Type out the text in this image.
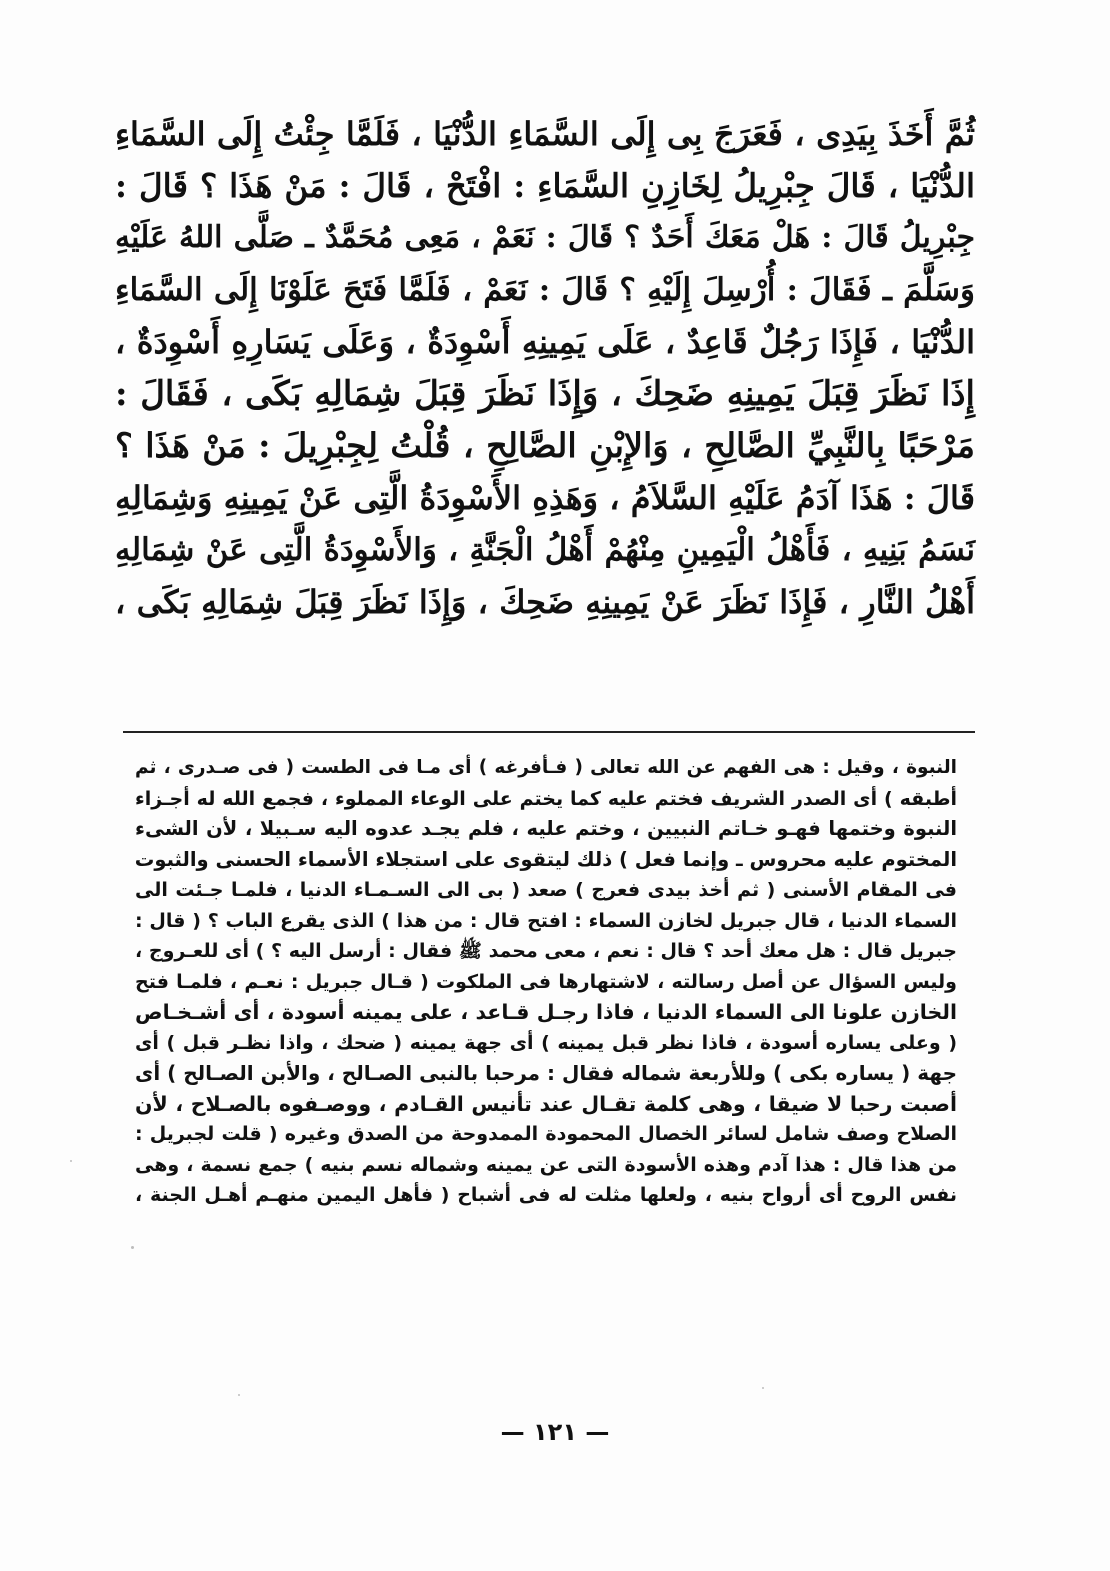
ثُمَّ أَخَذَ بِيَدِى ، فَعَرَجَ بِى إِلَى السَّمَاءِ الدُّنْيَا ، فَلَمَّا جِئْتُ إِلَى السَّمَاءِ
الدُّنْيَا ، قَالَ جِبْرِيلُ لِخَازِنِ السَّمَاءِ : افْتَحْ ، قَالَ : مَنْ هَذَا ؟ قَالَ :
جِبْرِيلُ قَالَ : هَلْ مَعَكَ أَحَدٌ ؟ قَالَ : نَعَمْ ، مَعِى مُحَمَّدٌ ـ صَلَّى اللهُ عَلَيْهِ
وَسَلَّمَ ـ فَقَالَ : أُرْسِلَ إِلَيْهِ ؟ قَالَ : نَعَمْ ، فَلَمَّا فَتَحَ عَلَوْنَا إِلَى السَّمَاءِ
الدُّنْيَا ، فَإِذَا رَجُلٌ قَاعِدٌ ، عَلَى يَمِينِهِ أَسْوِدَةٌ ، وَعَلَى يَسَارِهِ أَسْوِدَةٌ ،
إِذَا نَظَرَ قِبَلَ يَمِينِهِ ضَحِكَ ، وَإِذَا نَظَرَ قِبَلَ شِمَالِهِ بَكَى ، فَقَالَ :
مَرْحَبًا بِالنَّبِيِّ الصَّالِحِ ، وَالإِبْنِ الصَّالِحِ ، قُلْتُ لِجِبْرِيلَ : مَنْ هَذَا ؟
قَالَ : هَذَا آدَمُ عَلَيْهِ السَّلاَمُ ، وَهَذِهِ الأَسْوِدَةُ الَّتِى عَنْ يَمِينِهِ وَشِمَالِهِ
نَسَمُ بَنِيهِ ، فَأَهْلُ الْيَمِينِ مِنْهُمْ أَهْلُ الْجَنَّةِ ، وَالأَسْوِدَةُ الَّتِى عَنْ شِمَالِهِ
أَهْلُ النَّارِ ، فَإِذَا نَظَرَ عَنْ يَمِينِهِ ضَحِكَ ، وَإِذَا نَظَرَ قِبَلَ شِمَالِهِ بَكَى ،
النبوة ، وقيل : هى الفهم عن الله تعالى ( فـأفرغه ) أى مـا فى الطست ( فى صـدرى ، ثم
أطبقه ) أى الصدر الشريف فختم عليه كما يختم على الوعاء المملوء ، فجمع الله له أجـزاء
النبوة وختمها فهـو خـاتم النبيين ، وختم عليه ، فلم يجـد عدوه اليه سـبيلا ، لأن الشىء
المختوم عليه محروس ـ وإنما فعل ) ذلك ليتقوى على استجلاء الأسماء الحسنى والثبوت
فى المقام الأسنى ( ثم أخذ بيدى فعرج ) صعد ( بى الى السـمـاء الدنيا ، فلمـا جـئت الى
السماء الدنيا ، قال جبريل لخازن السماء : افتح قال : من هذا ) الذى يقرع الباب ؟ ( قال :
جبريل قال : هل معك أحد ؟ قال : نعم ، معى محمد ﷺ فقال : أرسل اليه ؟ ) أى للعـروج ،
وليس السؤال عن أصل رسالته ، لاشتهارها فى الملكوت ( قـال جبريل : نعـم ، فلمـا فتح
الخازن علونا الى السماء الدنيا ، فاذا رجـل قـاعد ، على يمينه أسودة ، أى أشـخـاص
( وعلى يساره أسودة ، فاذا نظر قبل يمينه ) أى جهة يمينه ( ضحك ، واذا نظـر قبل ) أى
جهة ( يساره بكى ) وللأربعة شماله فقال : مرحبا بالنبى الصـالح ، والأبن الصـالح ) أى
أصبت رحبا لا ضيقا ، وهى كلمة تقـال عند تأنيس القـادم ، ووصـفوه بالصـلاح ، لأن
الصلاح وصف شامل لسائر الخصال المحمودة الممدوحة من الصدق وغيره ( قلت لجبريل :
من هذا قال : هذا آدم وهذه الأسودة التى عن يمينه وشماله نسم بنيه ) جمع نسمة ، وهى
نفس الروح أى أرواح بنيه ، ولعلها مثلت له فى أشباح ( فأهل اليمين منهـم أهـل الجنة ،
— ١٢١ —
